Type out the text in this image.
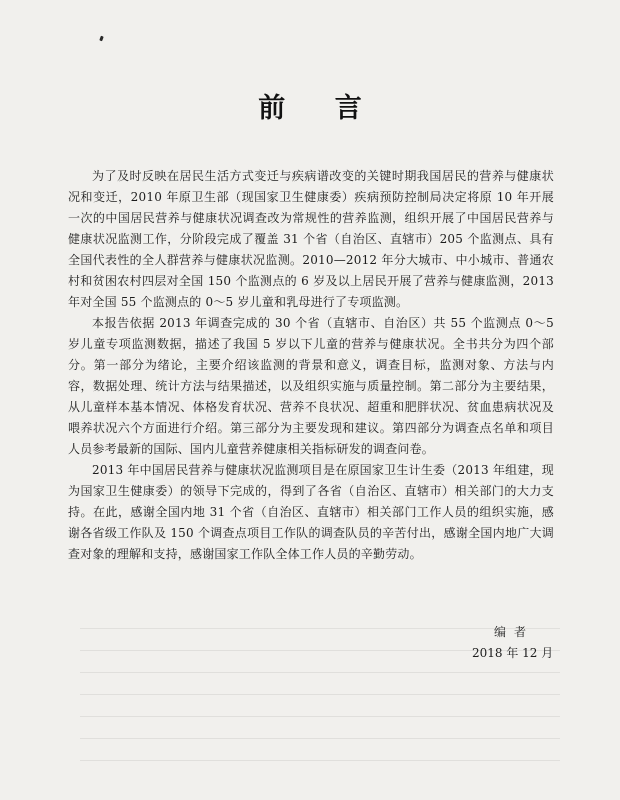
前 言

为了及时反映在居民生活方式变迁与疾病谱改变的关键时期我国居民的营养与健康状况和变迁，2010 年原卫生部（现国家卫生健康委）疾病预防控制局决定将原 10 年开展一次的中国居民营养与健康状况调查改为常规性的营养监测，组织开展了中国居民营养与健康状况监测工作，分阶段完成了覆盖 31 个省（自治区、直辖市）205 个监测点、具有全国代表性的全人群营养与健康状况监测。2010—2012 年分大城市、中小城市、普通农村和贫困农村四层对全国 150 个监测点的 6 岁及以上居民开展了营养与健康监测，2013 年对全国 55 个监测点的 0～5 岁儿童和乳母进行了专项监测。

本报告依据 2013 年调查完成的 30 个省（直辖市、自治区）共 55 个监测点 0～5 岁儿童专项监测数据，描述了我国 5 岁以下儿童的营养与健康状况。全书共分为四个部分。第一部分为绪论，主要介绍该监测的背景和意义，调查目标，监测对象、方法与内容，数据处理、统计方法与结果描述，以及组织实施与质量控制。第二部分为主要结果，从儿童样本基本情况、体格发育状况、营养不良状况、超重和肥胖状况、贫血患病状况及喂养状况六个方面进行介绍。第三部分为主要发现和建议。第四部分为调查点名单和项目人员参考最新的国际、国内儿童营养健康相关指标研发的调查问卷。

2013 年中国居民营养与健康状况监测项目是在原国家卫生计生委（2013 年组建，现为国家卫生健康委）的领导下完成的，得到了各省（自治区、直辖市）相关部门的大力支持。在此，感谢全国内地 31 个省（自治区、直辖市）相关部门工作人员的组织实施，感谢各省级工作队及 150 个调查点项目工作队的调查队员的辛苦付出，感谢全国内地广大调查对象的理解和支持，感谢国家工作队全体工作人员的辛勤劳动。

编者
2018 年 12 月
